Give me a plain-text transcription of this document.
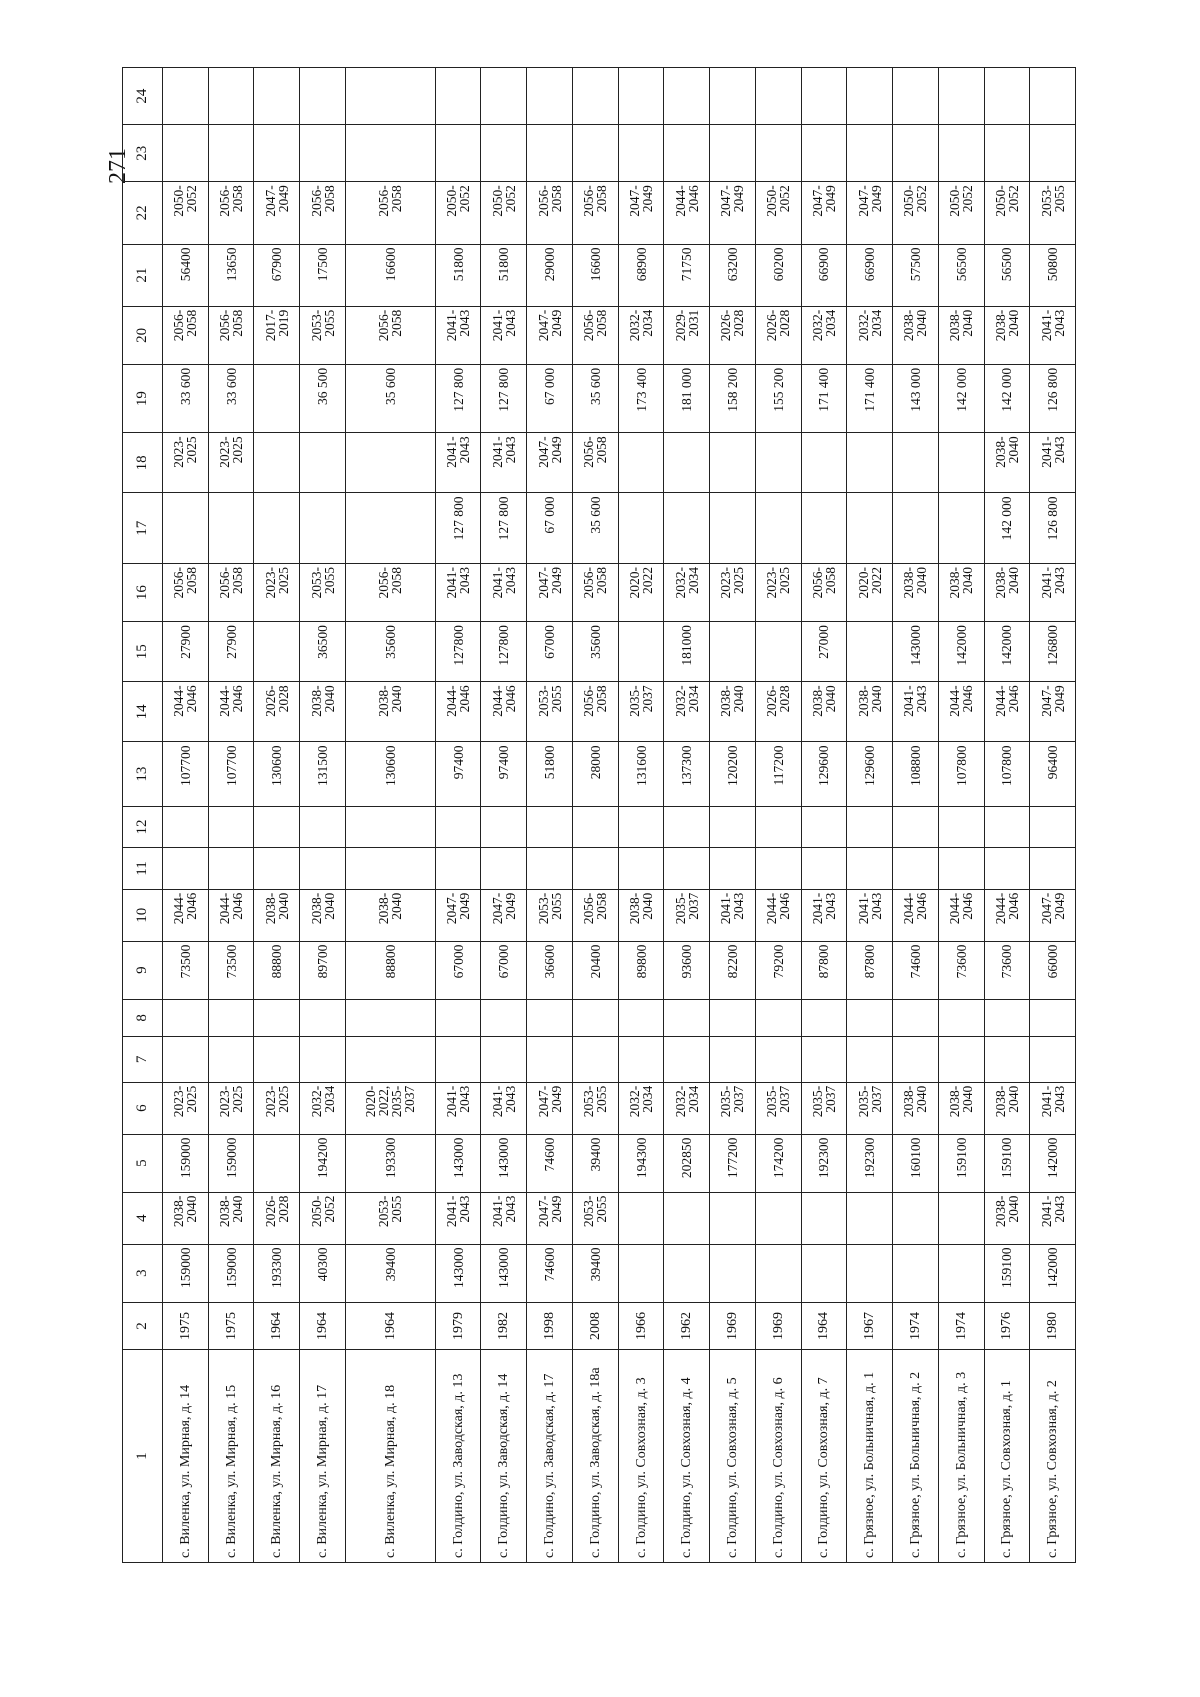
271
1	2	3	4	5	6	7	8	9	10	11	12	13	14	15	16	17	18	19	20	21	22	23	24
с. Виленка, ул. Мирная, д. 14	1975	159000	2038-
2040	159000	2023-
2025			73500	2044-
2046			107700	2044-
2046	27900	2056-
2058		2023-
2025	33 600	2056-
2058	56400	2050-
2052		
с. Виленка, ул. Мирная, д. 15	1975	159000	2038-
2040	159000	2023-
2025			73500	2044-
2046			107700	2044-
2046	27900	2056-
2058		2023-
2025	33 600	2056-
2058	13650	2056-
2058		
с. Виленка, ул. Мирная, д. 16	1964	193300	2026-
2028		2023-
2025			88800	2038-
2040			130600	2026-
2028		2023-
2025				2017-
2019	67900	2047-
2049		
с. Виленка, ул. Мирная, д. 17	1964	40300	2050-
2052	194200	2032-
2034			89700	2038-
2040			131500	2038-
2040	36500	2053-
2055			36 500	2053-
2055	17500	2056-
2058		
с. Виленка, ул. Мирная, д. 18	1964	39400	2053-
2055	193300	2020-
2022,
2035-
2037			88800	2038-
2040			130600	2038-
2040	35600	2056-
2058			35 600	2056-
2058	16600	2056-
2058		
с. Голдино, ул. Заводская, д. 13	1979	143000	2041-
2043	143000	2041-
2043			67000	2047-
2049			97400	2044-
2046	127800	2041-
2043	127 800	2041-
2043	127 800	2041-
2043	51800	2050-
2052		
с. Голдино, ул. Заводская, д. 14	1982	143000	2041-
2043	143000	2041-
2043			67000	2047-
2049			97400	2044-
2046	127800	2041-
2043	127 800	2041-
2043	127 800	2041-
2043	51800	2050-
2052		
с. Голдино, ул. Заводская, д. 17	1998	74600	2047-
2049	74600	2047-
2049			36600	2053-
2055			51800	2053-
2055	67000	2047-
2049	67 000	2047-
2049	67 000	2047-
2049	29000	2056-
2058		
с. Голдино, ул. Заводская, д. 18а	2008	39400	2053-
2055	39400	2053-
2055			20400	2056-
2058			28000	2056-
2058	35600	2056-
2058	35 600	2056-
2058	35 600	2056-
2058	16600	2056-
2058		
с. Голдино, ул. Совхозная, д. 3	1966			194300	2032-
2034			89800	2038-
2040			131600	2035-
2037		2020-
2022			173 400	2032-
2034	68900	2047-
2049		
с. Голдино, ул. Совхозная, д. 4	1962			202850	2032-
2034			93600	2035-
2037			137300	2032-
2034	181000	2032-
2034			181 000	2029-
2031	71750	2044-
2046		
с. Голдино, ул. Совхозная, д. 5	1969			177200	2035-
2037			82200	2041-
2043			120200	2038-
2040		2023-
2025			158 200	2026-
2028	63200	2047-
2049		
с. Голдино, ул. Совхозная, д. 6	1969			174200	2035-
2037			79200	2044-
2046			117200	2026-
2028		2023-
2025			155 200	2026-
2028	60200	2050-
2052		
с. Голдино, ул. Совхозная, д. 7	1964			192300	2035-
2037			87800	2041-
2043			129600	2038-
2040	27000	2056-
2058			171 400	2032-
2034	66900	2047-
2049		
с. Грязное, ул. Больничная, д. 1	1967			192300	2035-
2037			87800	2041-
2043			129600	2038-
2040		2020-
2022			171 400	2032-
2034	66900	2047-
2049		
с. Грязное, ул. Больничная, д. 2	1974			160100	2038-
2040			74600	2044-
2046			108800	2041-
2043	143000	2038-
2040			143 000	2038-
2040	57500	2050-
2052		
с. Грязное, ул. Больничная, д. 3	1974			159100	2038-
2040			73600	2044-
2046			107800	2044-
2046	142000	2038-
2040			142 000	2038-
2040	56500	2050-
2052		
с. Грязное, ул. Совхозная, д. 1	1976	159100	2038-
2040	159100	2038-
2040			73600	2044-
2046			107800	2044-
2046	142000	2038-
2040	142 000	2038-
2040	142 000	2038-
2040	56500	2050-
2052		
с. Грязное, ул. Совхозная, д. 2	1980	142000	2041-
2043	142000	2041-
2043			66000	2047-
2049			96400	2047-
2049	126800	2041-
2043	126 800	2041-
2043	126 800	2041-
2043	50800	2053-
2055		
